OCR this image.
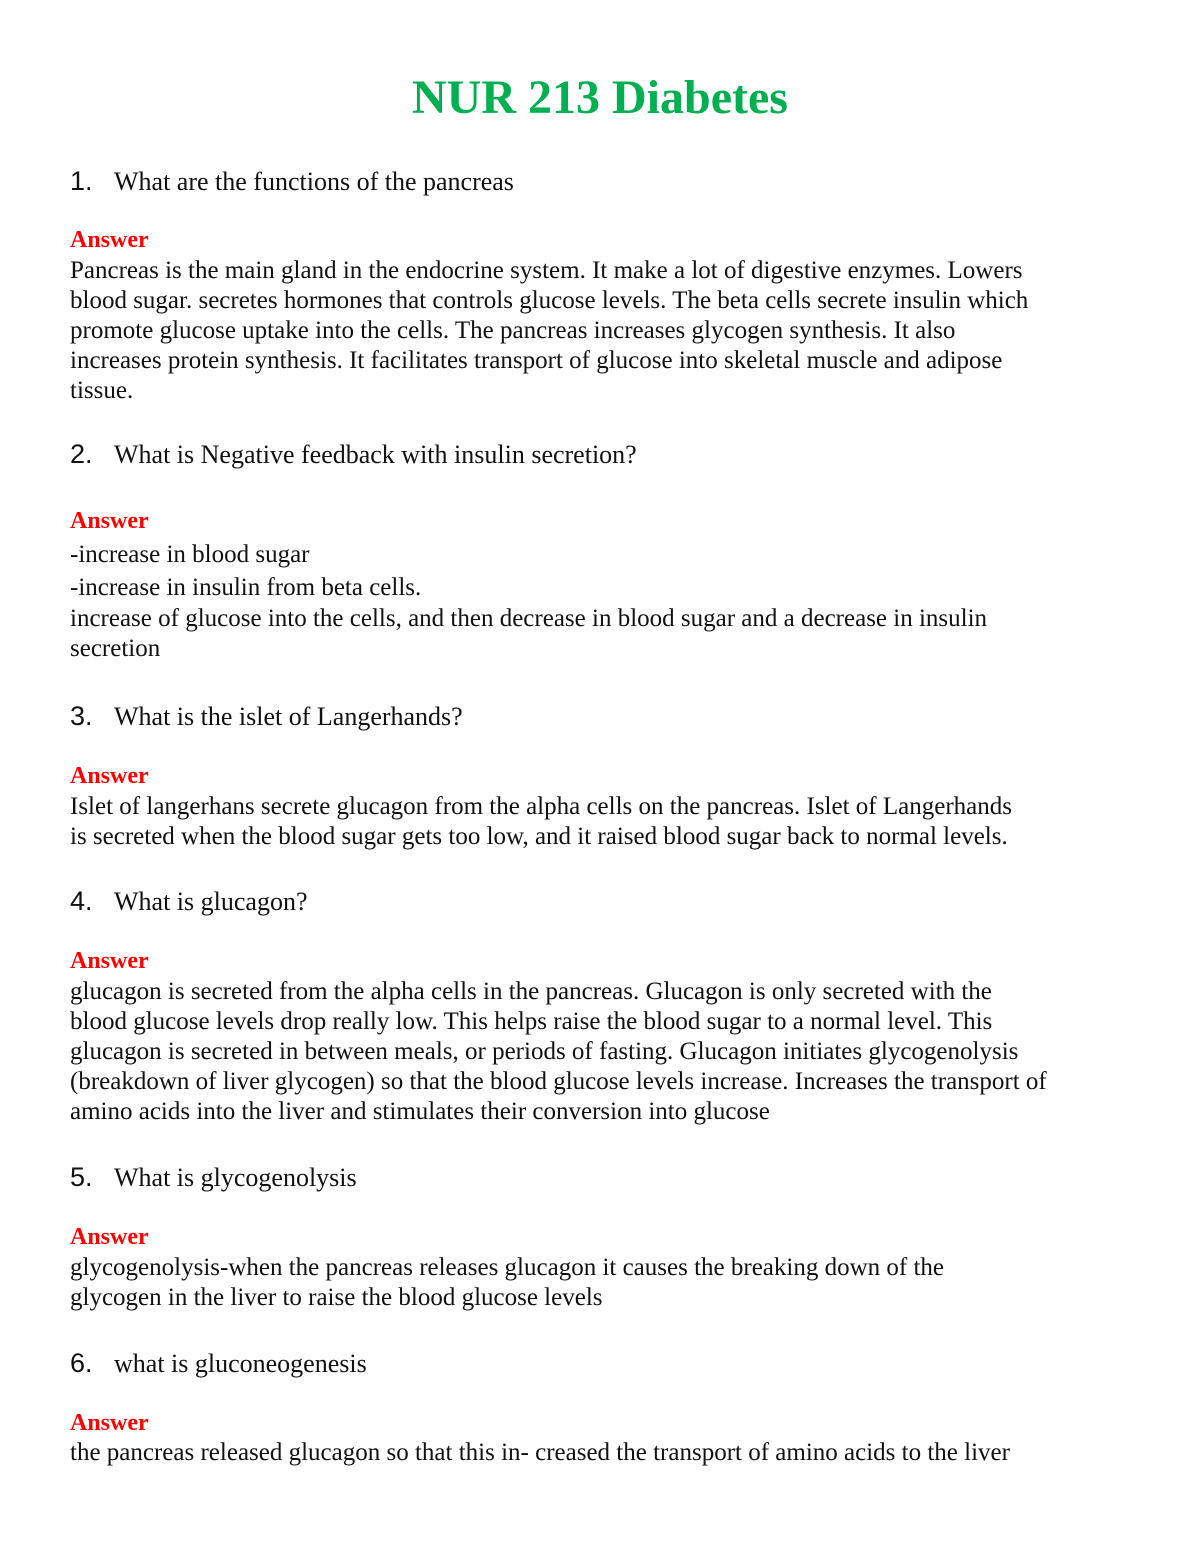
NUR 213 Diabetes
1. What are the functions of the pancreas
Answer
Pancreas is the main gland in the endocrine system. It make a lot of digestive enzymes. Lowers
blood sugar. secretes hormones that controls glucose levels. The beta cells secrete insulin which
promote glucose uptake into the cells. The pancreas increases glycogen synthesis. It also
increases protein synthesis. It facilitates transport of glucose into skeletal muscle and adipose
tissue.
2. What is Negative feedback with insulin secretion?
Answer
-increase in blood sugar
-increase in insulin from beta cells.
increase of glucose into the cells, and then decrease in blood sugar and a decrease in insulin
secretion
3. What is the islet of Langerhands?
Answer
Islet of langerhans secrete glucagon from the alpha cells on the pancreas. Islet of Langerhands
is secreted when the blood sugar gets too low, and it raised blood sugar back to normal levels.
4. What is glucagon?
Answer
glucagon is secreted from the alpha cells in the pancreas. Glucagon is only secreted with the
blood glucose levels drop really low. This helps raise the blood sugar to a normal level. This
glucagon is secreted in between meals, or periods of fasting. Glucagon initiates glycogenolysis
(breakdown of liver glycogen) so that the blood glucose levels increase. Increases the transport of
amino acids into the liver and stimulates their conversion into glucose
5. What is glycogenolysis
Answer
glycogenolysis-when the pancreas releases glucagon it causes the breaking down of the
glycogen in the liver to raise the blood glucose levels
6. what is gluconeogenesis
Answer
the pancreas released glucagon so that this in- creased the transport of amino acids to the liver
